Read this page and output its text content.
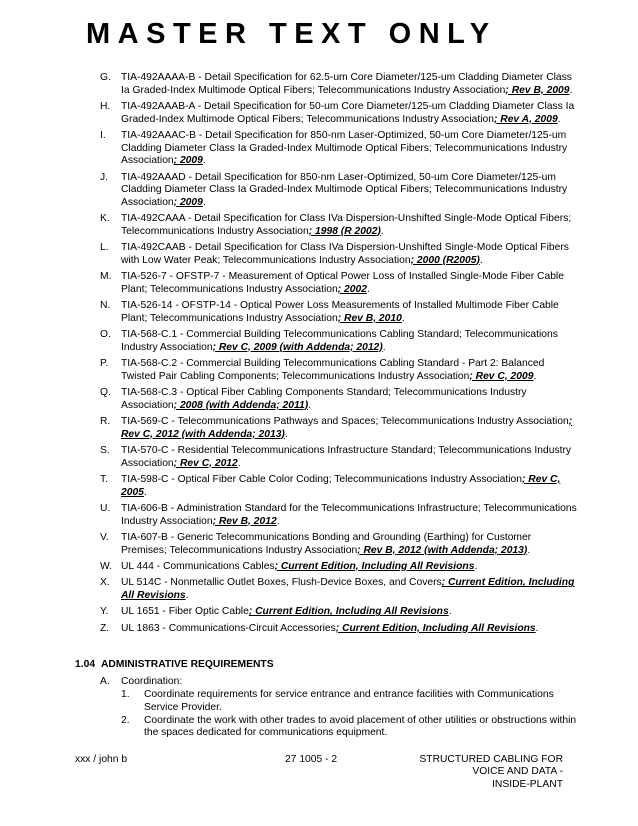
MASTER TEXT ONLY
G. TIA-492AAAA-B - Detail Specification for 62.5-um Core Diameter/125-um Cladding Diameter Class Ia Graded-Index Multimode Optical Fibers; Telecommunications Industry Association; Rev B, 2009.
H. TIA-492AAAB-A - Detail Specification for 50-um Core Diameter/125-um Cladding Diameter Class Ia Graded-Index Multimode Optical Fibers; Telecommunications Industry Association; Rev A, 2009.
I. TIA-492AAAC-B - Detail Specification for 850-nm Laser-Optimized, 50-um Core Diameter/125-um Cladding Diameter Class Ia Graded-Index Multimode Optical Fibers; Telecommunications Industry Association; 2009.
J. TIA-492AAAD - Detail Specification for 850-nm Laser-Optimized, 50-um Core Diameter/125-um Cladding Diameter Class Ia Graded-Index Multimode Optical Fibers; Telecommunications Industry Association; 2009.
K. TIA-492CAAA - Detail Specification for Class IVa Dispersion-Unshifted Single-Mode Optical Fibers; Telecommunications Industry Association; 1998 (R 2002).
L. TIA-492CAAB - Detail Specification for Class IVa Dispersion-Unshifted Single-Mode Optical Fibers with Low Water Peak; Telecommunications Industry Association; 2000 (R2005).
M. TIA-526-7 - OFSTP-7 - Measurement of Optical Power Loss of Installed Single-Mode Fiber Cable Plant; Telecommunications Industry Association; 2002.
N. TIA-526-14 - OFSTP-14 - Optical Power Loss Measurements of Installed Multimode Fiber Cable Plant; Telecommunications Industry Association; Rev B, 2010.
O. TIA-568-C.1 - Commercial Building Telecommunications Cabling Standard; Telecommunications Industry Association; Rev C, 2009 (with Addenda; 2012).
P. TIA-568-C.2 - Commercial Building Telecommunications Cabling Standard - Part 2: Balanced Twisted Pair Cabling Components; Telecommunications Industry Association; Rev C, 2009.
Q. TIA-568-C.3 - Optical Fiber Cabling Components Standard; Telecommunications Industry Association; 2008 (with Addenda; 2011).
R. TIA-569-C - Telecommunications Pathways and Spaces; Telecommunications Industry Association; Rev C, 2012 (with Addenda; 2013).
S. TIA-570-C - Residential Telecommunications Infrastructure Standard; Telecommunications Industry Association; Rev C, 2012.
T. TIA-598-C - Optical Fiber Cable Color Coding; Telecommunications Industry Association; Rev C, 2005.
U. TIA-606-B - Administration Standard for the Telecommunications Infrastructure; Telecommunications Industry Association; Rev B, 2012.
V. TIA-607-B - Generic Telecommunications Bonding and Grounding (Earthing) for Customer Premises; Telecommunications Industry Association; Rev B, 2012 (with Addenda; 2013).
W. UL 444 - Communications Cables; Current Edition, Including All Revisions.
X. UL 514C - Nonmetallic Outlet Boxes, Flush-Device Boxes, and Covers; Current Edition, Including All Revisions.
Y. UL 1651 - Fiber Optic Cable; Current Edition, Including All Revisions.
Z. UL 1863 - Communications-Circuit Accessories; Current Edition, Including All Revisions.
1.04 ADMINISTRATIVE REQUIREMENTS
A. Coordination:
1. Coordinate requirements for service entrance and entrance facilities with Communications Service Provider.
2. Coordinate the work with other trades to avoid placement of other utilities or obstructions within the spaces dedicated for communications equipment.
xxx / john b	27 1005 - 2	STRUCTURED CABLING FOR
VOICE AND DATA -
INSIDE-PLANT
